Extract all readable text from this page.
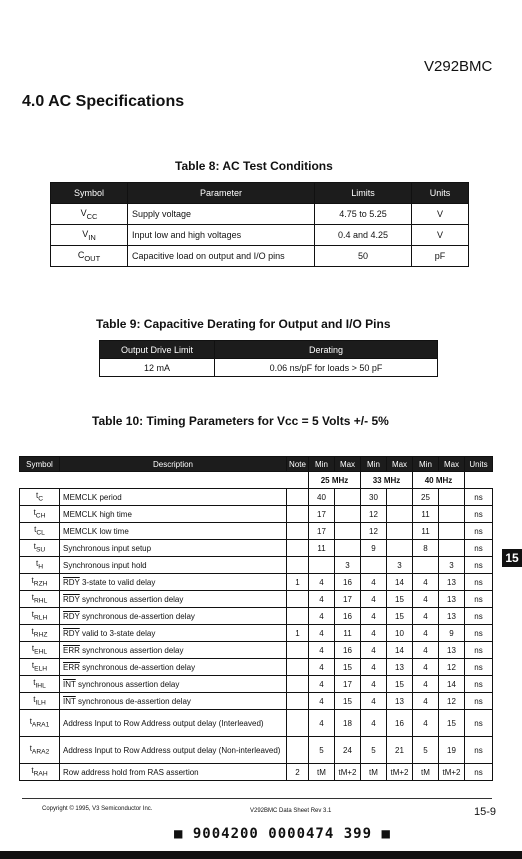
V292BMC
4.0 AC Specifications
Table 8: AC Test Conditions
Symbol	Parameter	Limits	Units
$V_{CC}$	Supply voltage	4.75 to 5.25	V
$V_{IN}$	Input low and high voltages	0.4 and 4.25	V
$C_{OUT}$	Capacitive load on output and I/O pins	50	pF
Table 9: Capacitive Derating for Output and I/O Pins
Output Drive Limit	Derating
12 mA	0.06 ns/pF for loads > 50 pF
Table 10: Timing Parameters for Vcc = 5 Volts +/- 5%
			25 MHz		33 MHz		40 MHz		
Symbol	Description	Note	Min	Max	Min	Max	Min	Max	Units
$t_C$	MEMCLK period		40		30		25		ns
$t_{CH}$	MEMCLK high time		17		12		11		ns
$t_{CL}$	MEMCLK low time		17		12		11		ns
$t_{SU}$	Synchronous input setup		11		9		8		ns
$t_H$	Synchronous input hold			3		3		3	ns
$t_{RZH}$	$\overline{RDY}$ 3-state to valid delay	1	4	16	4	14	4	13	ns
$t_{RHL}$	$\overline{RDY}$ synchronous assertion delay		4	17	4	15	4	13	ns
$t_{RLH}$	$\overline{RDY}$ synchronous de-assertion delay		4	16	4	15	4	13	ns
$t_{RHZ}$	$\overline{RDY}$ valid to 3-state delay	1	4	11	4	10	4	9	ns
$t_{EHL}$	$\overline{ERR}$ synchronous assertion delay		4	16	4	14	4	13	ns
$t_{ELH}$	$\overline{ERR}$ synchronous de-assertion delay		4	15	4	13	4	12	ns
$t_{IHL}$	$\overline{INT}$ synchronous assertion delay		4	17	4	15	4	14	ns
$t_{ILH}$	$\overline{INT}$ synchronous de-assertion delay		4	15	4	13	4	12	ns
$t_{ARA1}$	Address Input to Row Address output delay (Interleaved)		4	18	4	16	4	15	ns
$t_{ARA2}$	Address Input to Row Address output delay (Non-interleaved)		5	24	5	21	5	19	ns
$t_{RAH}$	Row address hold from RAS assertion	2	tM	tM+2	tM	tM+2	tM	tM+2	ns
15
Copyright © 1995, V3 Semiconductor Inc.	V292BMC Data Sheet Rev 3.1	15-9
■ 9004200 0000474 399 ■
